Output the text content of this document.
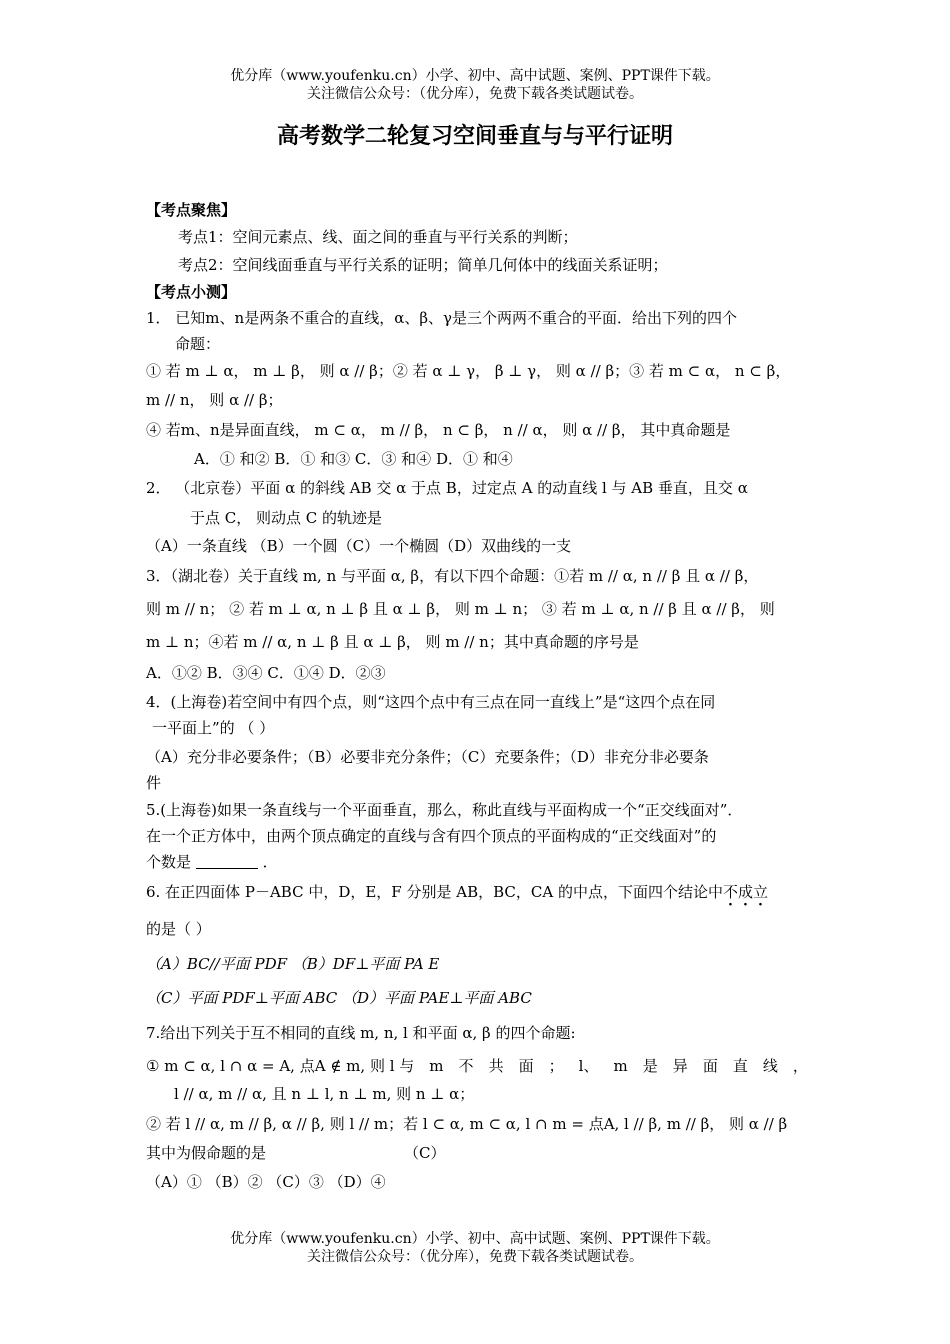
优分库（www.youfenku.cn）小学、初中、高中试题、案例、PPT课件下载。
关注微信公众号：（优分库），免费下载各类试题试卷。
高考数学二轮复习空间垂直与与平行证明
【考点聚焦】
考点1：空间元素点、线、面之间的垂直与平行关系的判断；
考点2：空间线面垂直与平行关系的证明；简单几何体中的线面关系证明；
【考点小测】
1． 已知m、n是两条不重合的直线，α、β、γ是三个两两不重合的平面．给出下列的四个
命题：
① 若 m ⊥ α， m ⊥ β， 则 α // β；② 若 α ⊥ γ， β ⊥ γ， 则 α // β；③ 若 m ⊂ α， n ⊂ β，
m // n， 则 α // β；
④ 若m、n是异面直线， m ⊂ α， m // β， n ⊂ β， n // α， 则 α // β， 其中真命题是
A．① 和② B．① 和③ C．③ 和④ D．① 和④
2． （北京卷）平面 α 的斜线 AB 交 α 于点 B，过定点 A 的动直线 l 与 AB 垂直，且交 α
于点 C， 则动点 C 的轨迹是
（A）一条直线 （B）一个圆（C）一个椭圆（D）双曲线的一支
3．（湖北卷）关于直线 m, n 与平面 α, β，有以下四个命题：①若 m // α, n // β 且 α // β，
则 m // n； ② 若 m ⊥ α, n ⊥ β 且 α ⊥ β， 则 m ⊥ n； ③ 若 m ⊥ α, n // β 且 α // β， 则
m ⊥ n；④若 m // α, n ⊥ β 且 α ⊥ β， 则 m // n；其中真命题的序号是
A．①② B．③④ C．①④ D．②③
4．(上海卷)若空间中有四个点，则“这四个点中有三点在同一直线上”是“这四个点在同
一平面上”的 （ ）
（A）充分非必要条件；（B）必要非充分条件；（C）充要条件；（D）非充分非必要条
件
5.(上海卷)如果一条直线与一个平面垂直，那么，称此直线与平面构成一个“正交线面对”．
在一个正方体中，由两个顶点确定的直线与含有四个顶点的平面构成的“正交线面对”的
个数是	．
6. 在正四面体 P－ABC 中，D，E，F 分别是 AB，BC，CA 的中点，下面四个结论中不成立
的是（ ）
（A）BC//平面 PDF （B）DF⊥平面 PA E
（C）平面 PDF⊥平面 ABC （D）平面 PAE⊥平面 ABC
7.给出下列关于互不相同的直线 m, n, l 和平面 α, β 的四个命题:
① m ⊂ α, l ∩ α = A, 点A ∉ m, 则 l 与 m 不 共 面 ； l、 m 是 异 面 直 线 ，
l // α, m // α, 且 n ⊥ l, n ⊥ m, 则 n ⊥ α；
② 若 l // α, m // β, α // β, 则 l // m；若 l ⊂ α, m ⊂ α, l ∩ m = 点A, l // β, m // β， 则 α // β
其中为假命题的是	（C）
（A）① （B）② （C）③ （D）④
优分库（www.youfenku.cn）小学、初中、高中试题、案例、PPT课件下载。
关注微信公众号：（优分库），免费下载各类试题试卷。
